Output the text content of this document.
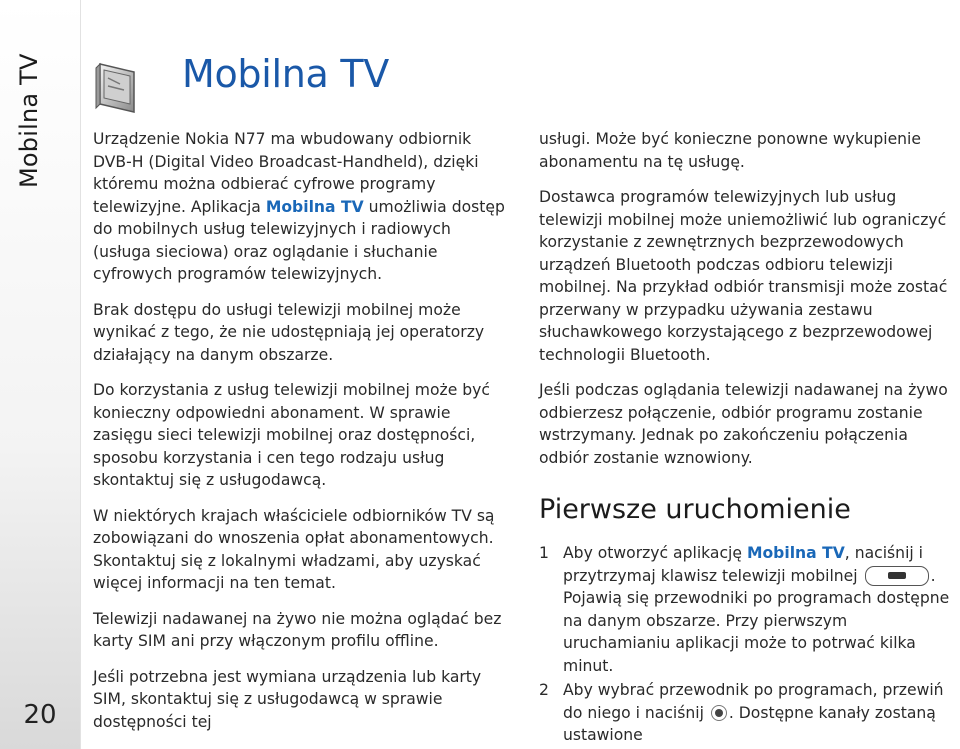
Mobilna TV
20
Mobilna TV

Urządzenie Nokia N77 ma wbudowany odbiornik DVB-H (Digital Video Broadcast-Handheld), dzięki któremu można odbierać cyfrowe programy telewizyjne. Aplikacja Mobilna TV umożliwia dostęp do mobilnych usług telewizyjnych i radiowych (usługa sieciowa) oraz oglądanie i słuchanie cyfrowych programów telewizyjnych.

Brak dostępu do usługi telewizji mobilnej może wynikać z tego, że nie udostępniają jej operatorzy działający na danym obszarze.

Do korzystania z usług telewizji mobilnej może być konieczny odpowiedni abonament. W sprawie zasięgu sieci telewizji mobilnej oraz dostępności, sposobu korzystania i cen tego rodzaju usług skontaktuj się z usługodawcą.

W niektórych krajach właściciele odbiorników TV są zobowiązani do wnoszenia opłat abonamentowych. Skontaktuj się z lokalnymi władzami, aby uzyskać więcej informacji na ten temat.

Telewizji nadawanej na żywo nie można oglądać bez karty SIM ani przy włączonym profilu offline.

Jeśli potrzebna jest wymiana urządzenia lub karty SIM, skontaktuj się z usługodawcą w sprawie dostępności tej

usługi. Może być konieczne ponowne wykupienie abonamentu na tę usługę.

Dostawca programów telewizyjnych lub usług telewizji mobilnej może uniemożliwić lub ograniczyć korzystanie z zewnętrznych bezprzewodowych urządzeń Bluetooth podczas odbioru telewizji mobilnej. Na przykład odbiór transmisji może zostać przerwany w przypadku używania zestawu słuchawkowego korzystającego z bezprzewodowej technologii Bluetooth.

Jeśli podczas oglądania telewizji nadawanej na żywo odbierzesz połączenie, odbiór programu zostanie wstrzymany. Jednak po zakończeniu połączenia odbiór zostanie wznowiony.

Pierwsze uruchomienie
1 Aby otworzyć aplikację Mobilna TV, naciśnij i przytrzymaj klawisz telewizji mobilnej	. Pojawią się przewodniki po programach dostępne na danym obszarze. Przy pierwszym uruchamianiu aplikacji może to potrwać kilka minut.
2 Aby wybrać przewodnik po programach, przewiń do niego i naciśnij . Dostępne kanały zostaną ustawione
